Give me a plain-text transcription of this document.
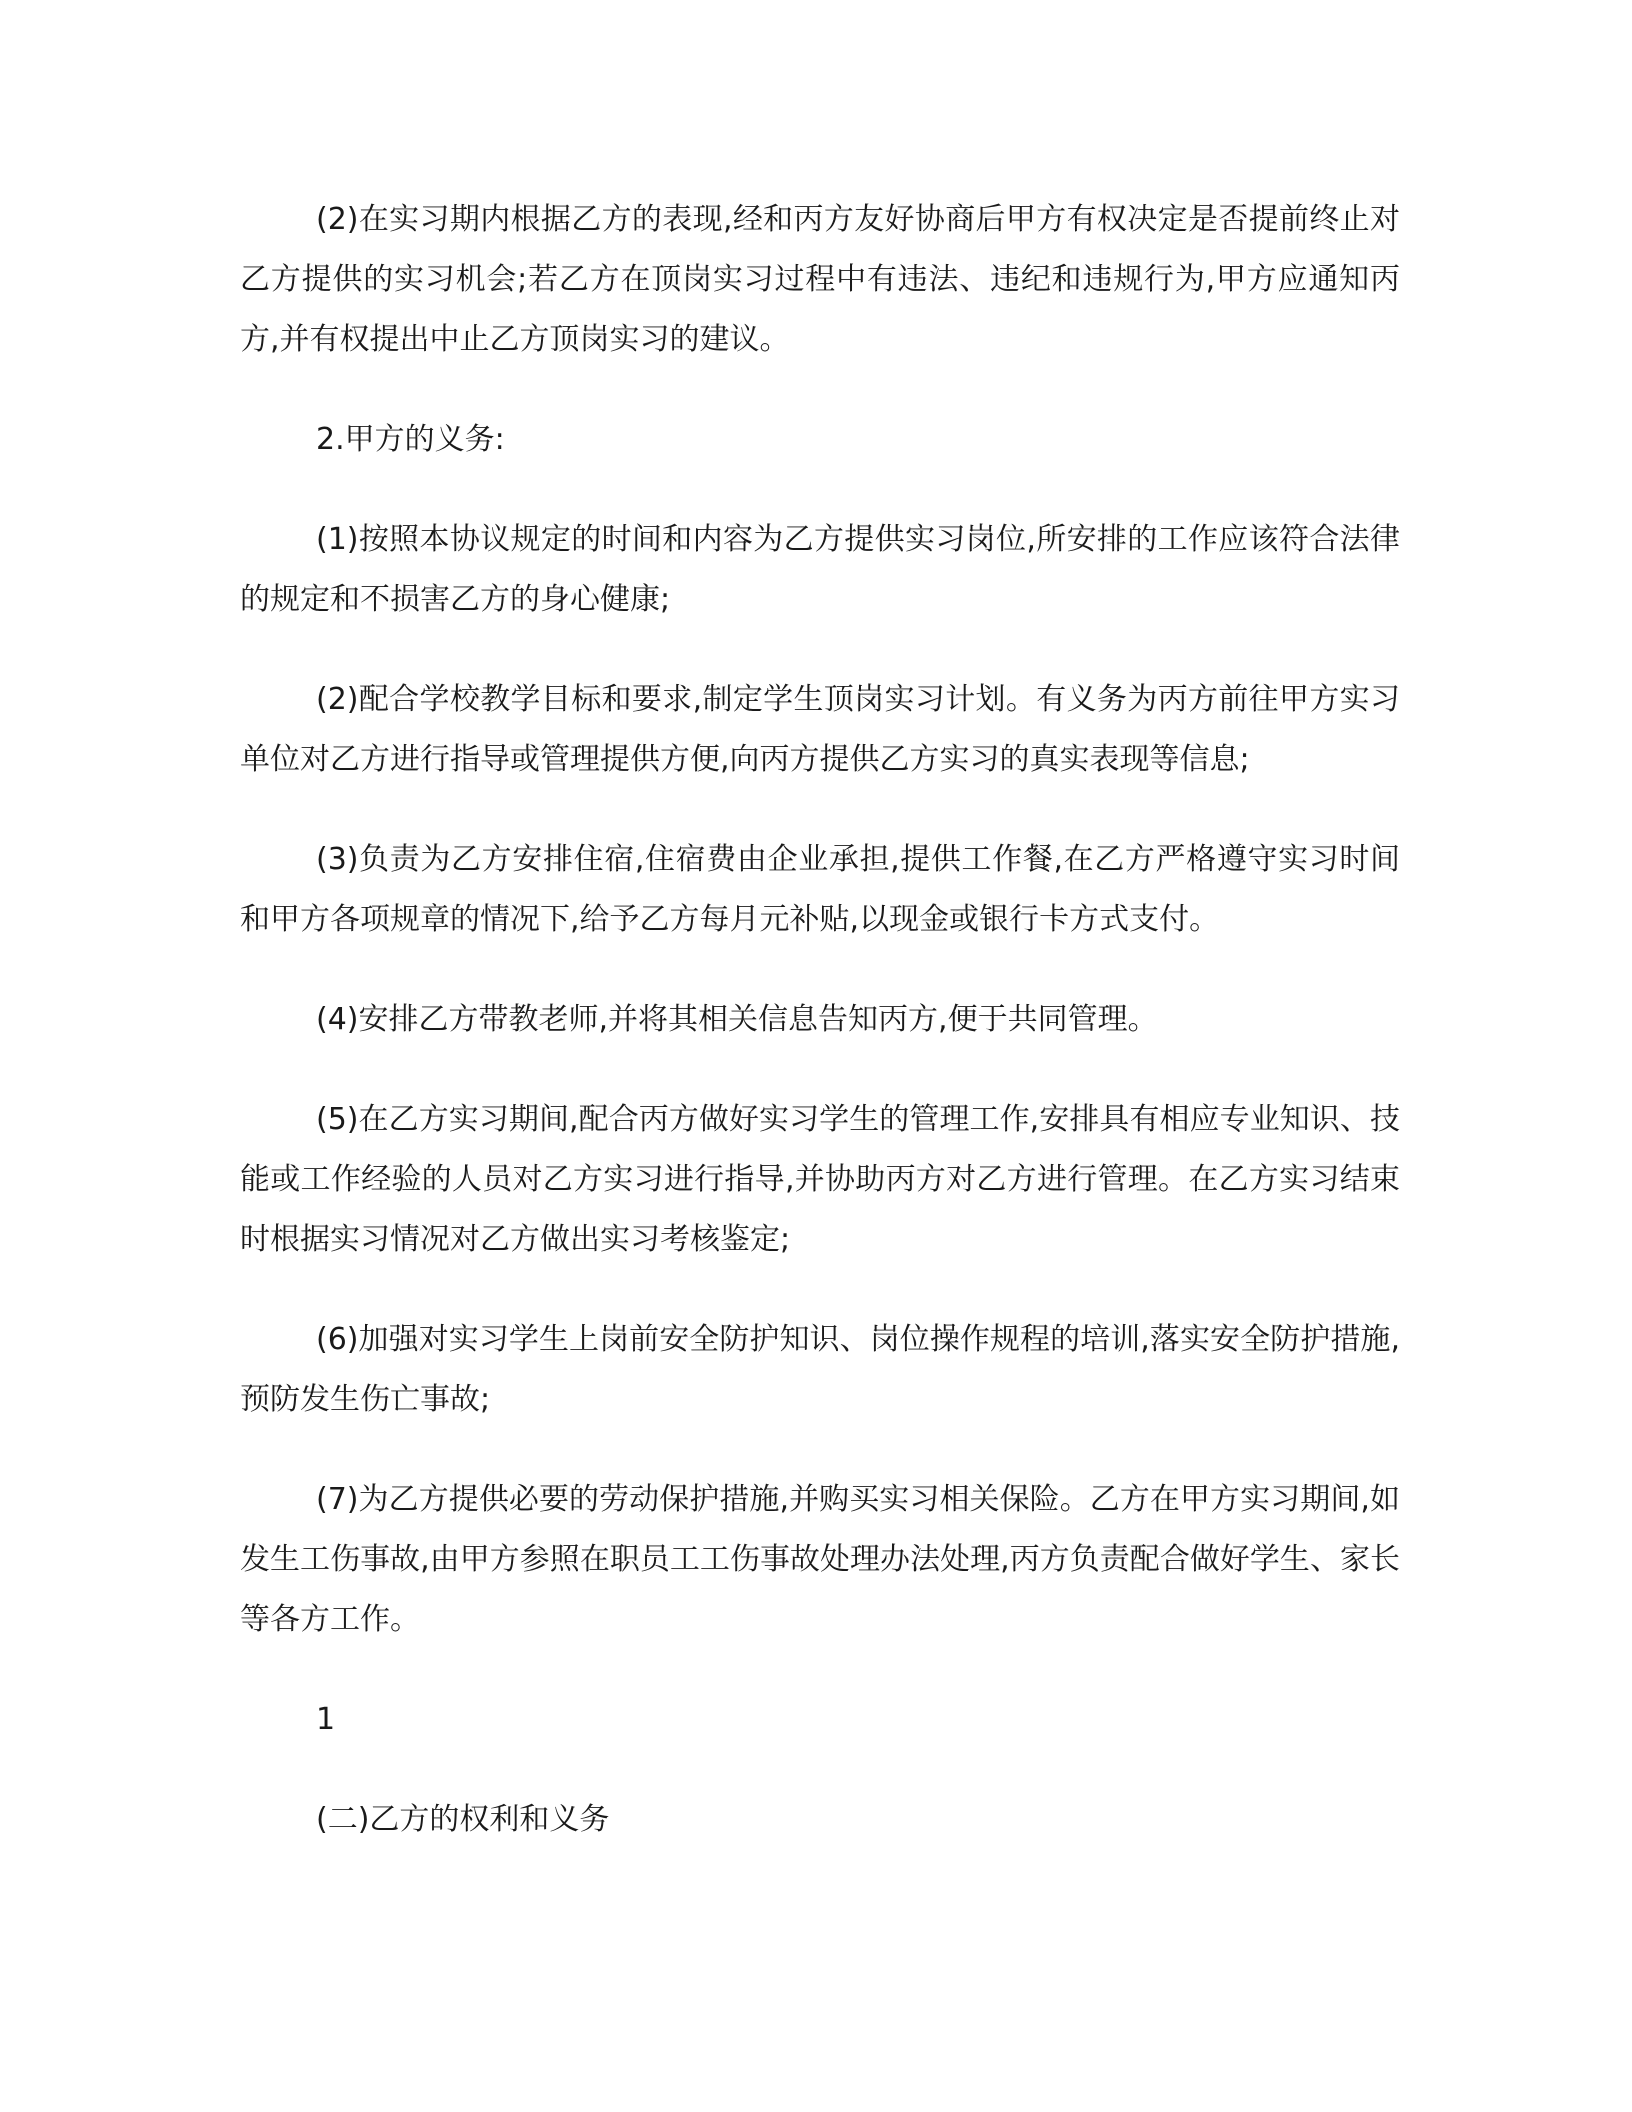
(2)在实习期内根据乙方的表现,经和丙方友好协商后甲方有权决定是否提前终止对乙方提供的实习机会;若乙方在顶岗实习过程中有违法、违纪和违规行为,甲方应通知丙方,并有权提出中止乙方顶岗实习的建议。

2.甲方的义务:

(1)按照本协议规定的时间和内容为乙方提供实习岗位,所安排的工作应该符合法律的规定和不损害乙方的身心健康;

(2)配合学校教学目标和要求,制定学生顶岗实习计划。有义务为丙方前往甲方实习单位对乙方进行指导或管理提供方便,向丙方提供乙方实习的真实表现等信息;

(3)负责为乙方安排住宿,住宿费由企业承担,提供工作餐,在乙方严格遵守实习时间和甲方各项规章的情况下,给予乙方每月元补贴,以现金或银行卡方式支付。

(4)安排乙方带教老师,并将其相关信息告知丙方,便于共同管理。

(5)在乙方实习期间,配合丙方做好实习学生的管理工作,安排具有相应专业知识、技能或工作经验的人员对乙方实习进行指导,并协助丙方对乙方进行管理。在乙方实习结束时根据实习情况对乙方做出实习考核鉴定;

(6)加强对实习学生上岗前安全防护知识、岗位操作规程的培训,落实安全防护措施,预防发生伤亡事故;

(7)为乙方提供必要的劳动保护措施,并购买实习相关保险。乙方在甲方实习期间,如发生工伤事故,由甲方参照在职员工工伤事故处理办法处理,丙方负责配合做好学生、家长等各方工作。

1

(二)乙方的权利和义务
